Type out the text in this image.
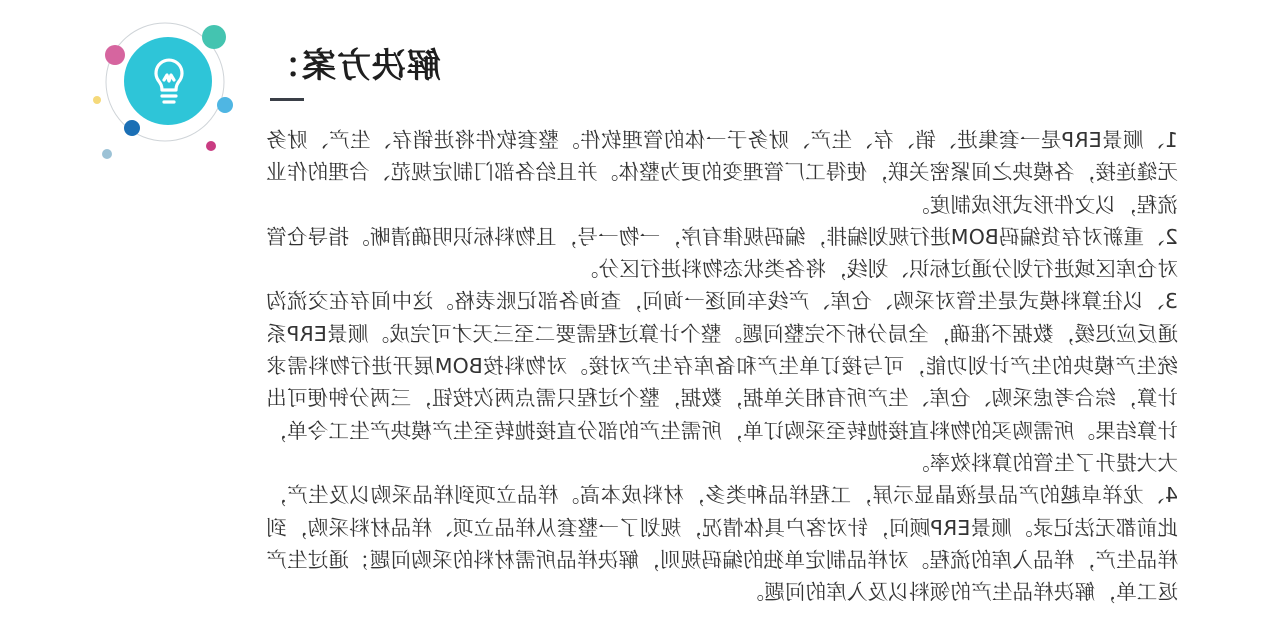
解决方案：

1、顺景ERP是一套集进、销、存、生产、财务于一体的管理软件。整套软件将进销存、生产、财务无缝连接，各模块之间紧密关联，使得工厂管理变的更为整体。并且给各部门制定规范、合理的作业流程，以文件形式形成制度。

2、重新对存货编码BOM进行规划编排，编码规律有序，一物一号，且物料标识明确清晰。指导仓管对仓库区域进行划分通过标识、划线，将各类状态物料进行区分。

3、以往算料模式是生管对采购、仓库、产线车间逐一询问，查询各部记账表格。这中间存在交流沟通反应迟缓，数据不准确，全局分析不完整问题。整个计算过程需要二至三天才可完成。顺景ERP系统生产模块的生产计划功能，可与接订单生产和备库存生产对接。对物料按BOM展开进行物料需求计算，综合考虑采购、仓库、生产所有相关单据，数据，整个过程只需点两次按钮，三两分钟便可出计算结果。所需购买的物料直接抛转至采购订单，所需生产的部分直接抛转至生产模块产生工令单，大大提升了生管的算料效率。

4、龙祥卓越的产品是液晶显示屏，工程样品种类多，材料成本高。样品立项到样品采购以及生产，此前都无法记录。顺景ERP顾问，针对客户具体情况，规划了一整套从样品立项、样品材料采购，到样品生产，样品入库的流程。对样品制定单独的编码规则，解决样品所需材料的采购问题；通过生产返工单，解决样品生产的领料以及入库的问题。
